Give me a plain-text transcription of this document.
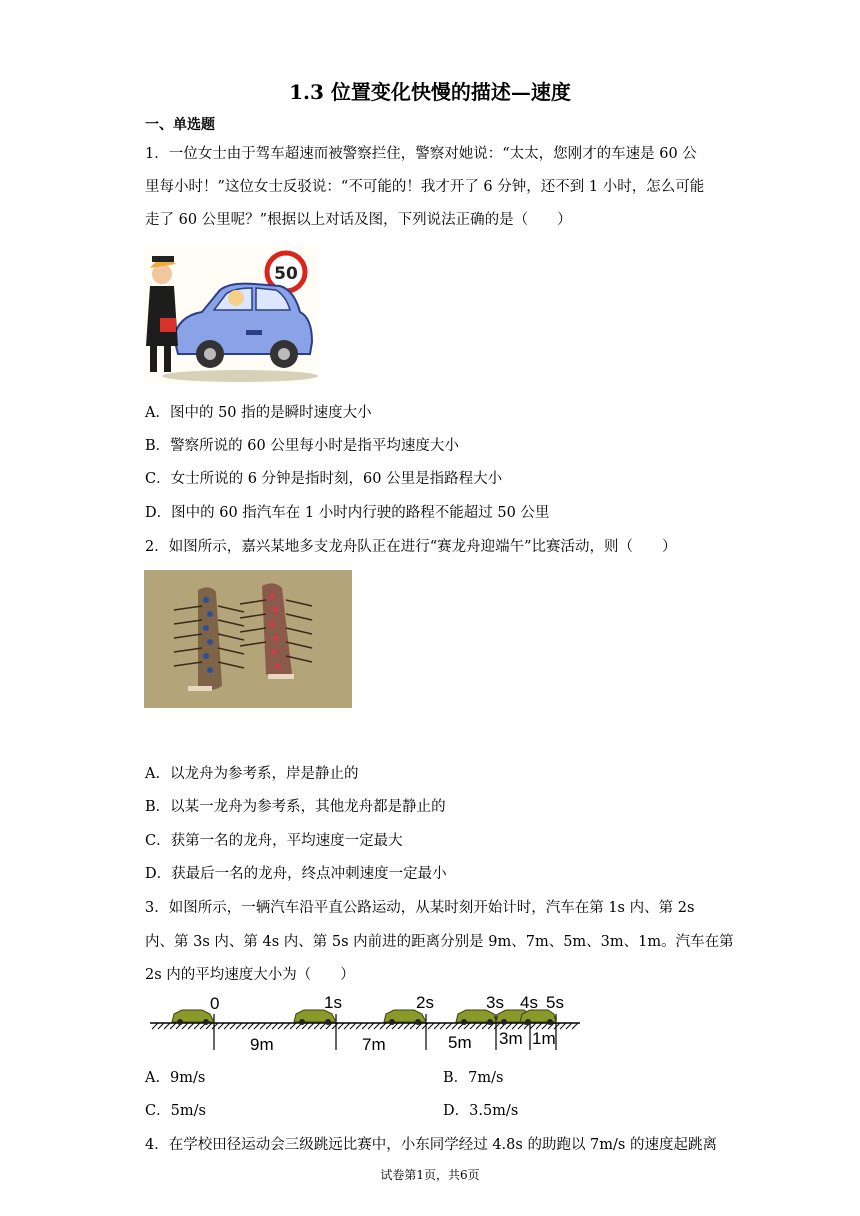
1.3 位置变化快慢的描述—速度
一、单选题
1．一位女士由于驾车超速而被警察拦住，警察对她说：“太太，您刚才的车速是 60 公
里每小时！”这位女士反驳说：“不可能的！我才开了 6 分钟，还不到 1 小时，怎么可能
走了 60 公里呢？”根据以上对话及图，下列说法正确的是（　　）
50
A．图中的 50 指的是瞬时速度大小
B．警察所说的 60 公里每小时是指平均速度大小
C．女士所说的 6 分钟是指时刻，60 公里是指路程大小
D．图中的 60 指汽车在 1 小时内行驶的路程不能超过 50 公里
2．如图所示，嘉兴某地多支龙舟队正在进行“赛龙舟迎端午”比赛活动，则（　　）
A．以龙舟为参考系，岸是静止的
B．以某一龙舟为参考系，其他龙舟都是静止的
C．获第一名的龙舟，平均速度一定最大
D．获最后一名的龙舟，终点冲刺速度一定最小
3．如图所示，一辆汽车沿平直公路运动，从某时刻开始计时，汽车在第 1s 内、第 2s
内、第 3s 内、第 4s 内、第 5s 内前进的距离分别是 9m、7m、5m、3m、1m。汽车在第
2s 内的平均速度大小为（　　）
0	1s	2s	3s 4s 5s
9m	7m	5m 3m 1m
A．9m/s	B．7m/s
C．5m/s	D．3.5m/s
4．在学校田径运动会三级跳远比赛中，小东同学经过 4.8s 的助跑以 7m/s 的速度起跳离
试卷第1页，共6页
